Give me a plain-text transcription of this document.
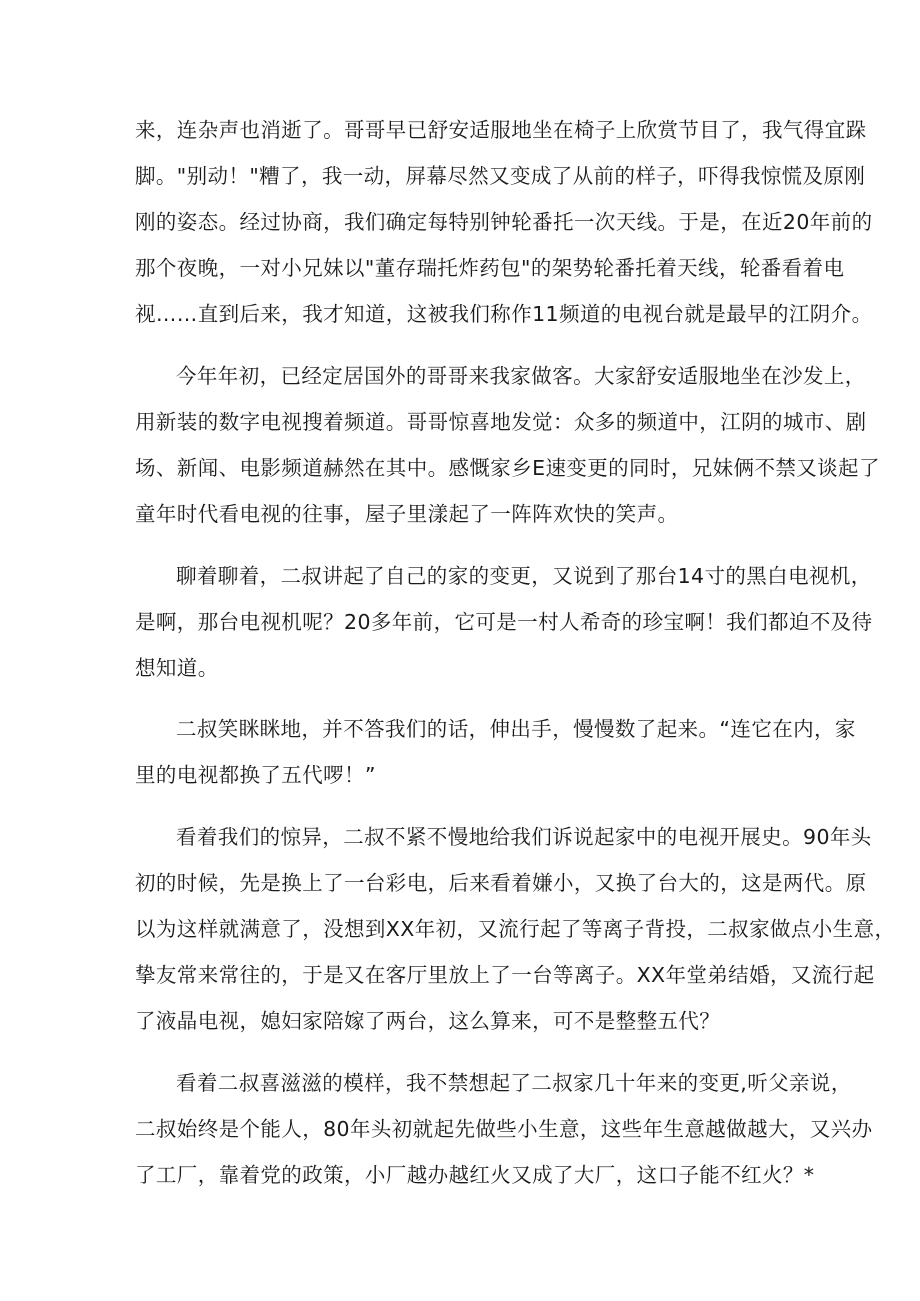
来，连杂声也消逝了。哥哥早已舒安适服地坐在椅子上欣赏节目了，我气得宜跺
脚。"别动！"糟了，我一动，屏幕尽然又变成了从前的样子，吓得我惊慌及原刚
刚的姿态。经过协商，我们确定每特别钟轮番托一次天线。于是，在近20年前的
那个夜晚，一对小兄妹以"董存瑞托炸药包"的架势轮番托着天线，轮番看着电
视……直到后来，我才知道，这被我们称作11频道的电视台就是最早的江阴介。
今年年初，已经定居国外的哥哥来我家做客。大家舒安适服地坐在沙发上，
用新装的数字电视搜着频道。哥哥惊喜地发觉：众多的频道中，江阴的城市、剧
场、新闻、电影频道赫然在其中。感慨家乡E速变更的同时，兄妹俩不禁又谈起了
童年时代看电视的往事，屋子里漾起了一阵阵欢快的笑声。
聊着聊着，二叔讲起了自己的家的变更，又说到了那台14寸的黑白电视机，
是啊，那台电视机呢？20多年前，它可是一村人希奇的珍宝啊！我们都迫不及待
想知道。
二叔笑眯眯地，并不答我们的话，伸出手，慢慢数了起来。“连它在内，家
里的电视都换了五代啰！”
看着我们的惊异，二叔不紧不慢地给我们诉说起家中的电视开展史。90年头
初的时候，先是换上了一台彩电，后来看着嫌小，又换了台大的，这是两代。原
以为这样就满意了，没想到XX年初，又流行起了等离子背投，二叔家做点小生意，
挚友常来常往的，于是又在客厅里放上了一台等离子。XX年堂弟结婚，又流行起
了液晶电视，媳妇家陪嫁了两台，这么算来，可不是整整五代？
看着二叔喜滋滋的模样，我不禁想起了二叔家几十年来的变更,听父亲说，
二叔始终是个能人，80年头初就起先做些小生意，这些年生意越做越大，又兴办
了工厂，靠着党的政策，小厂越办越红火又成了大厂，这口子能不红火？*
